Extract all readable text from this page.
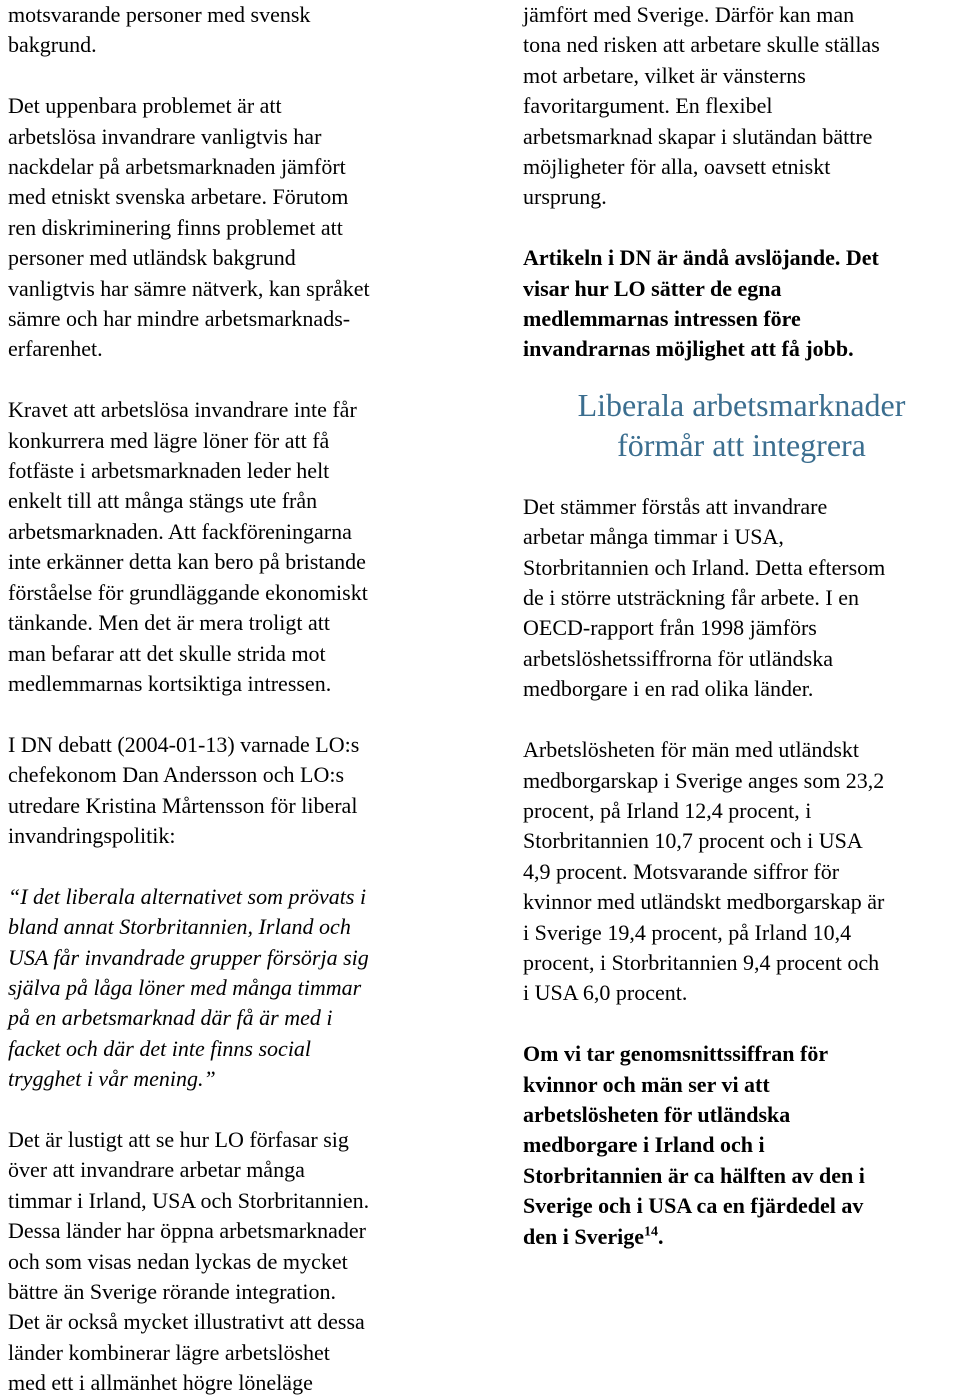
motsvarande personer med svensk
bakgrund.

Det uppenbara problemet är att
arbetslösa invandrare vanligtvis har
nackdelar på arbetsmarknaden jämfört
med etniskt svenska arbetare. Förutom
ren diskriminering finns problemet att
personer med utländsk bakgrund
vanligtvis har sämre nätverk, kan språket
sämre och har mindre arbetsmarknads-
erfarenhet.

Kravet att arbetslösa invandrare inte får
konkurrera med lägre löner för att få
fotfäste i arbetsmarknaden leder helt
enkelt till att många stängs ute från
arbetsmarknaden. Att fackföreningarna
inte erkänner detta kan bero på bristande
förståelse för grundläggande ekonomiskt
tänkande. Men det är mera troligt att
man befarar att det skulle strida mot
medlemmarnas kortsiktiga intressen.

I DN debatt (2004-01-13) varnade LO:s
chefekonom Dan Andersson och LO:s
utredare Kristina Mårtensson för liberal
invandringspolitik:

“I det liberala alternativet som prövats i
bland annat Storbritannien, Irland och
USA får invandrade grupper försörja sig
själva på låga löner med många timmar
på en arbetsmarknad där få är med i
facket och där det inte finns social
trygghet i vår mening.”

Det är lustigt att se hur LO förfasar sig
över att invandrare arbetar många
timmar i Irland, USA och Storbritannien.
Dessa länder har öppna arbetsmarknader
och som visas nedan lyckas de mycket
bättre än Sverige rörande integration.
Det är också mycket illustrativt att dessa
länder kombinerar lägre arbetslöshet
med ett i allmänhet högre löneläge

jämfört med Sverige. Därför kan man
tona ned risken att arbetare skulle ställas
mot arbetare, vilket är vänsterns
favoritargument. En flexibel
arbetsmarknad skapar i slutändan bättre
möjligheter för alla, oavsett etniskt
ursprung.

Artikeln i DN är ändå avslöjande. Det
visar hur LO sätter de egna
medlemmarnas intressen före
invandrarnas möjlighet att få jobb.

Liberala arbetsmarknader
förmår att integrera

Det stämmer förstås att invandrare
arbetar många timmar i USA,
Storbritannien och Irland. Detta eftersom
de i större utsträckning får arbete. I en
OECD-rapport från 1998 jämförs
arbetslöshetssiffrorna för utländska
medborgare i en rad olika länder.

Arbetslösheten för män med utländskt
medborgarskap i Sverige anges som 23,2
procent, på Irland 12,4 procent, i
Storbritannien 10,7 procent och i USA
4,9 procent. Motsvarande siffror för
kvinnor med utländskt medborgarskap är
i Sverige 19,4 procent, på Irland 10,4
procent, i Storbritannien 9,4 procent och
i USA 6,0 procent.

Om vi tar genomsnittssiffran för
kvinnor och män ser vi att
arbetslösheten för utländska
medborgare i Irland och i
Storbritannien är ca hälften av den i
Sverige och i USA ca en fjärdedel av
den i Sverige$^{14}$.
